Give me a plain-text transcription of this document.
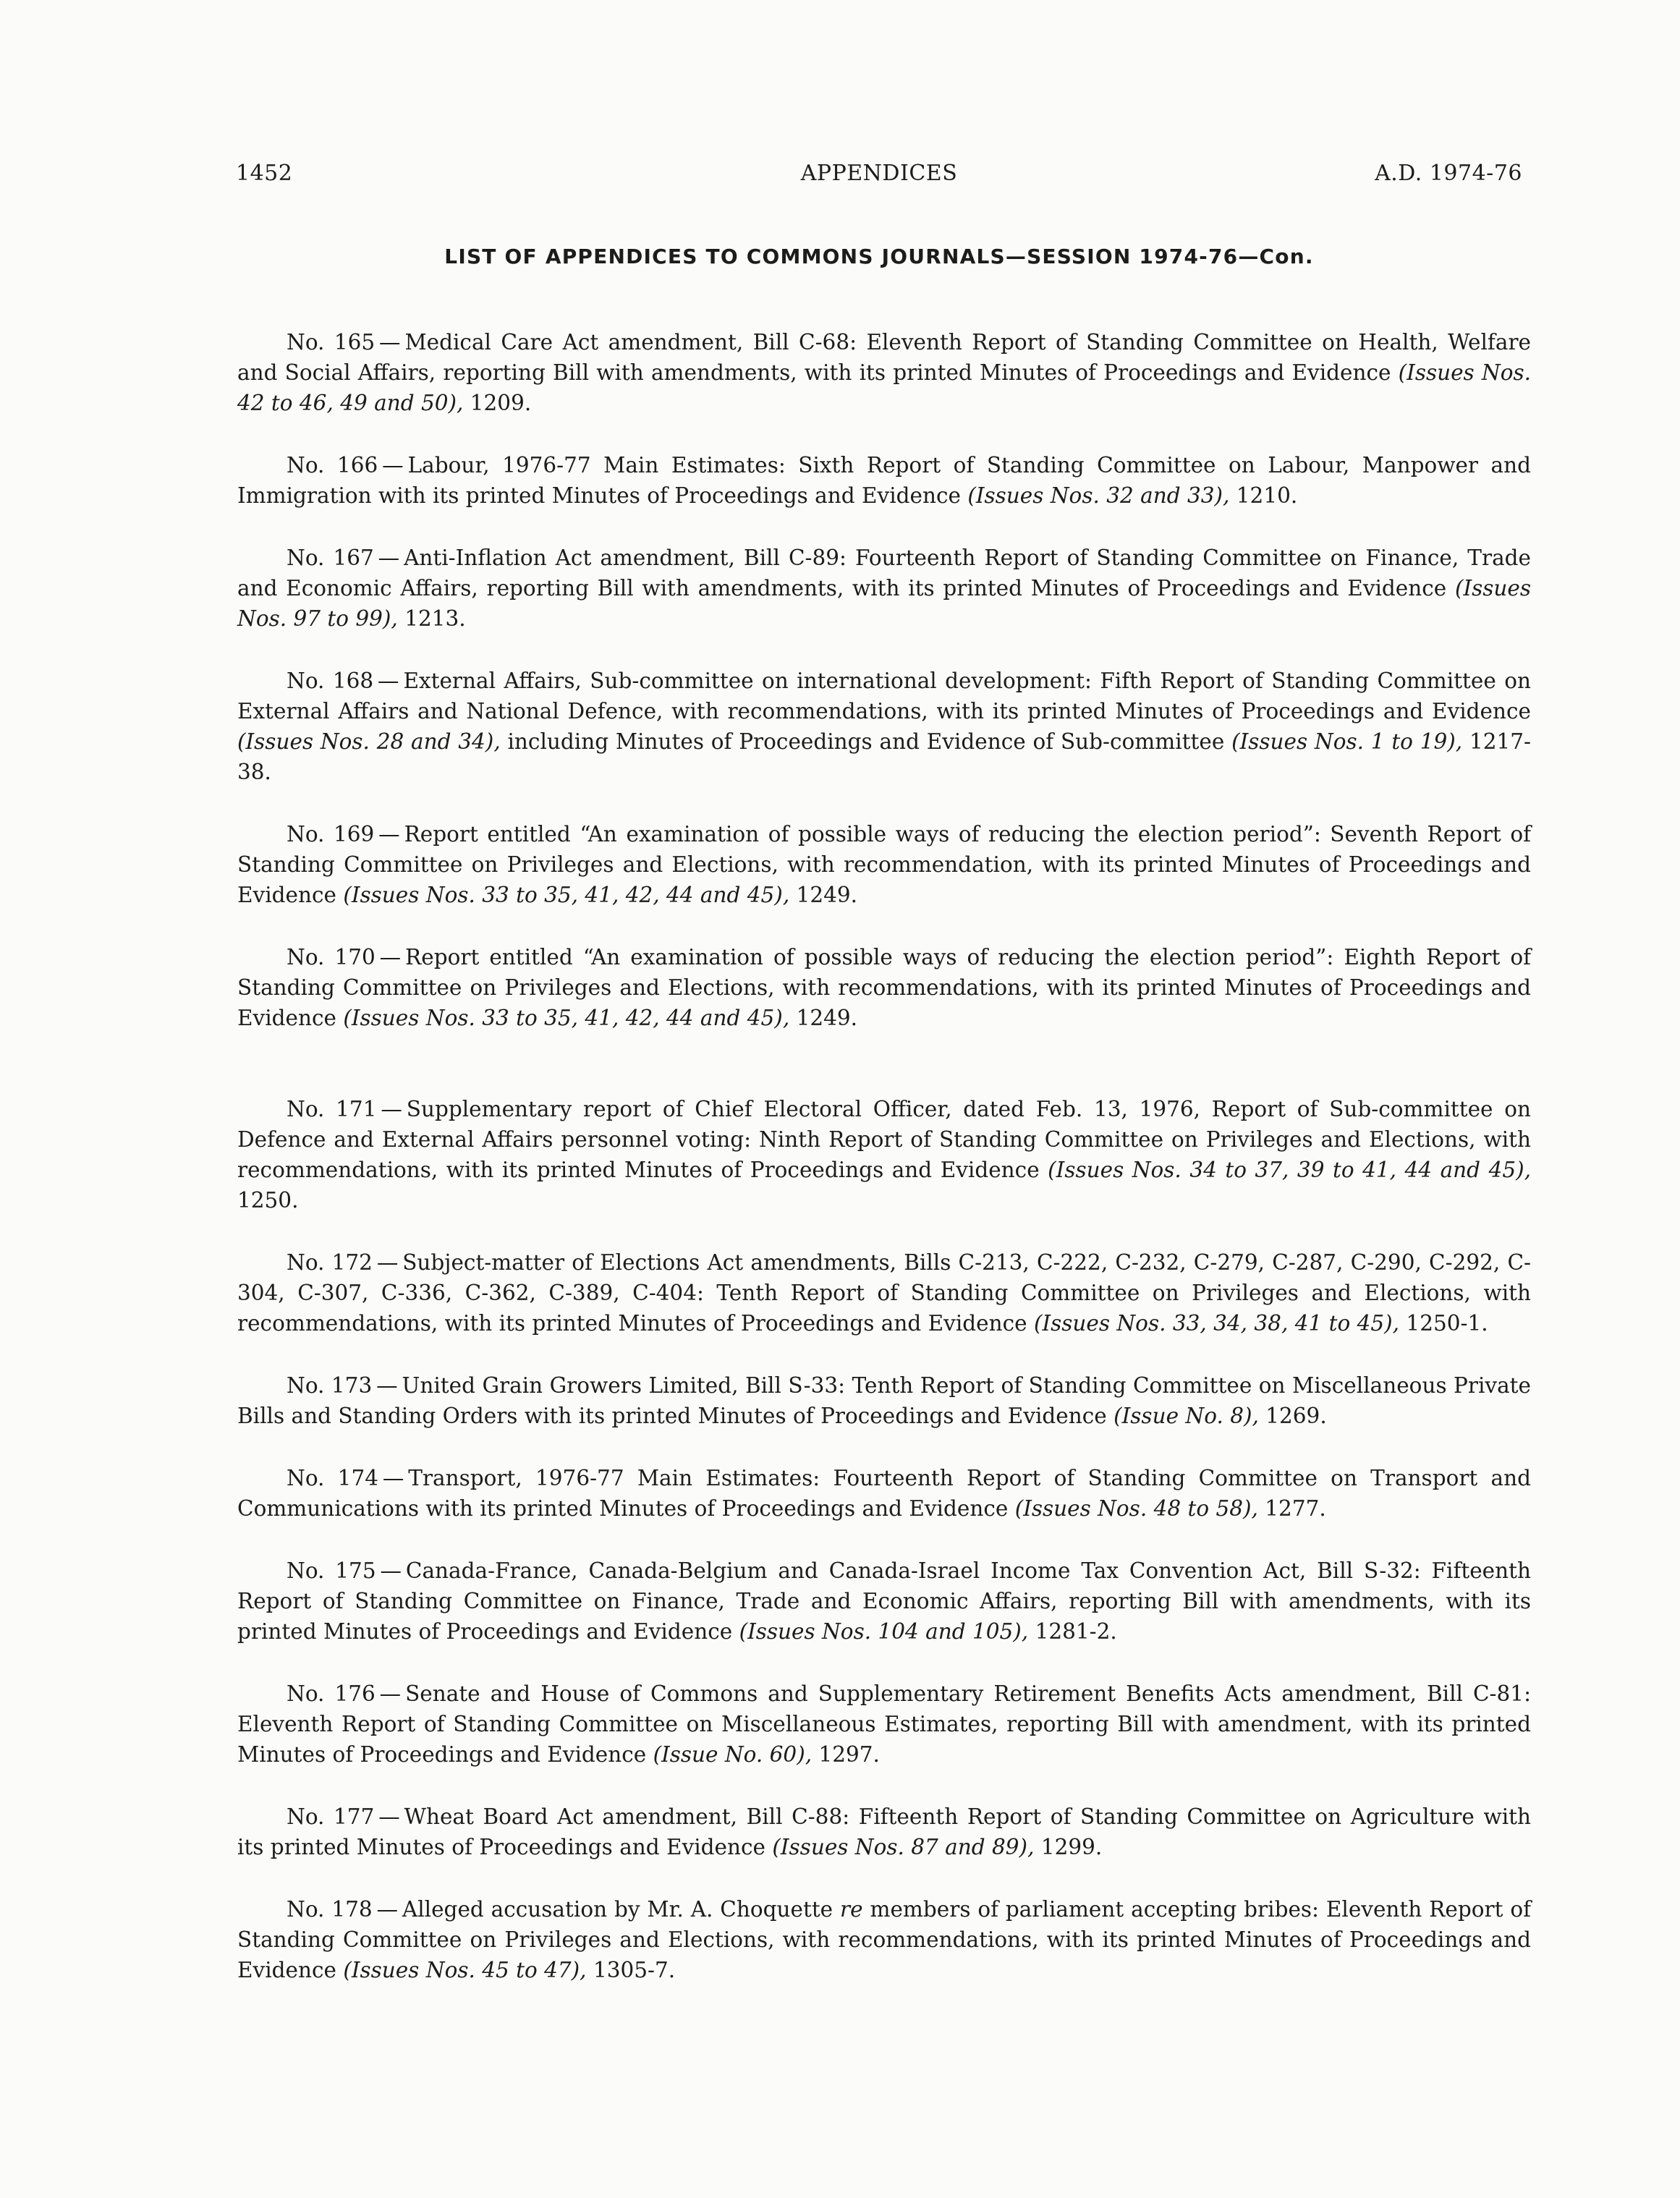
1452	APPENDICES	A.D. 1974-76
LIST OF APPENDICES TO COMMONS JOURNALS—SESSION 1974-76—Con.

No. 165 — Medical Care Act amendment, Bill C-68: Eleventh Report of Standing Committee on Health, Welfare and Social Affairs, reporting Bill with amendments, with its printed Minutes of Proceedings and Evidence (Issues Nos. 42 to 46, 49 and 50), 1209.

No. 166 — Labour, 1976-77 Main Estimates: Sixth Report of Standing Committee on Labour, Manpower and Immigration with its printed Minutes of Proceedings and Evidence (Issues Nos. 32 and 33), 1210.

No. 167 — Anti-Inflation Act amendment, Bill C-89: Fourteenth Report of Standing Committee on Finance, Trade and Economic Affairs, reporting Bill with amendments, with its printed Minutes of Proceedings and Evidence (Issues Nos. 97 to 99), 1213.

No. 168 — External Affairs, Sub-committee on international development: Fifth Report of Standing Committee on External Affairs and National Defence, with recommendations, with its printed Minutes of Proceedings and Evidence (Issues Nos. 28 and 34), including Minutes of Proceedings and Evidence of Sub-committee (Issues Nos. 1 to 19), 1217-38.

No. 169 — Report entitled “An examination of possible ways of reducing the election period”: Seventh Report of Standing Committee on Privileges and Elections, with recommendation, with its printed Minutes of Proceedings and Evidence (Issues Nos. 33 to 35, 41, 42, 44 and 45), 1249.

No. 170 — Report entitled “An examination of possible ways of reducing the election period”: Eighth Report of Standing Committee on Privileges and Elections, with recommendations, with its printed Minutes of Proceedings and Evidence (Issues Nos. 33 to 35, 41, 42, 44 and 45), 1249.

No. 171 — Supplementary report of Chief Electoral Officer, dated Feb. 13, 1976, Report of Sub-committee on Defence and External Affairs personnel voting: Ninth Report of Standing Committee on Privileges and Elections, with recommendations, with its printed Minutes of Proceedings and Evidence (Issues Nos. 34 to 37, 39 to 41, 44 and 45), 1250.

No. 172 — Subject-matter of Elections Act amendments, Bills C-213, C-222, C-232, C-279, C-287, C-290, C-292, C-304, C-307, C-336, C-362, C-389, C-404: Tenth Report of Standing Committee on Privileges and Elections, with recommendations, with its printed Minutes of Proceedings and Evidence (Issues Nos. 33, 34, 38, 41 to 45), 1250-1.

No. 173 — United Grain Growers Limited, Bill S-33: Tenth Report of Standing Committee on Miscellaneous Private Bills and Standing Orders with its printed Minutes of Proceedings and Evidence (Issue No. 8), 1269.

No. 174 — Transport, 1976-77 Main Estimates: Fourteenth Report of Standing Committee on Transport and Communications with its printed Minutes of Proceedings and Evidence (Issues Nos. 48 to 58), 1277.

No. 175 — Canada-France, Canada-Belgium and Canada-Israel Income Tax Convention Act, Bill S-32: Fifteenth Report of Standing Committee on Finance, Trade and Economic Affairs, reporting Bill with amendments, with its printed Minutes of Proceedings and Evidence (Issues Nos. 104 and 105), 1281-2.

No. 176 — Senate and House of Commons and Supplementary Retirement Benefits Acts amendment, Bill C-81: Eleventh Report of Standing Committee on Miscellaneous Estimates, reporting Bill with amendment, with its printed Minutes of Proceedings and Evidence (Issue No. 60), 1297.

No. 177 — Wheat Board Act amendment, Bill C-88: Fifteenth Report of Standing Committee on Agriculture with its printed Minutes of Proceedings and Evidence (Issues Nos. 87 and 89), 1299.

No. 178 — Alleged accusation by Mr. A. Choquette re members of parliament accepting bribes: Eleventh Report of Standing Committee on Privileges and Elections, with recommendations, with its printed Minutes of Proceedings and Evidence (Issues Nos. 45 to 47), 1305-7.
